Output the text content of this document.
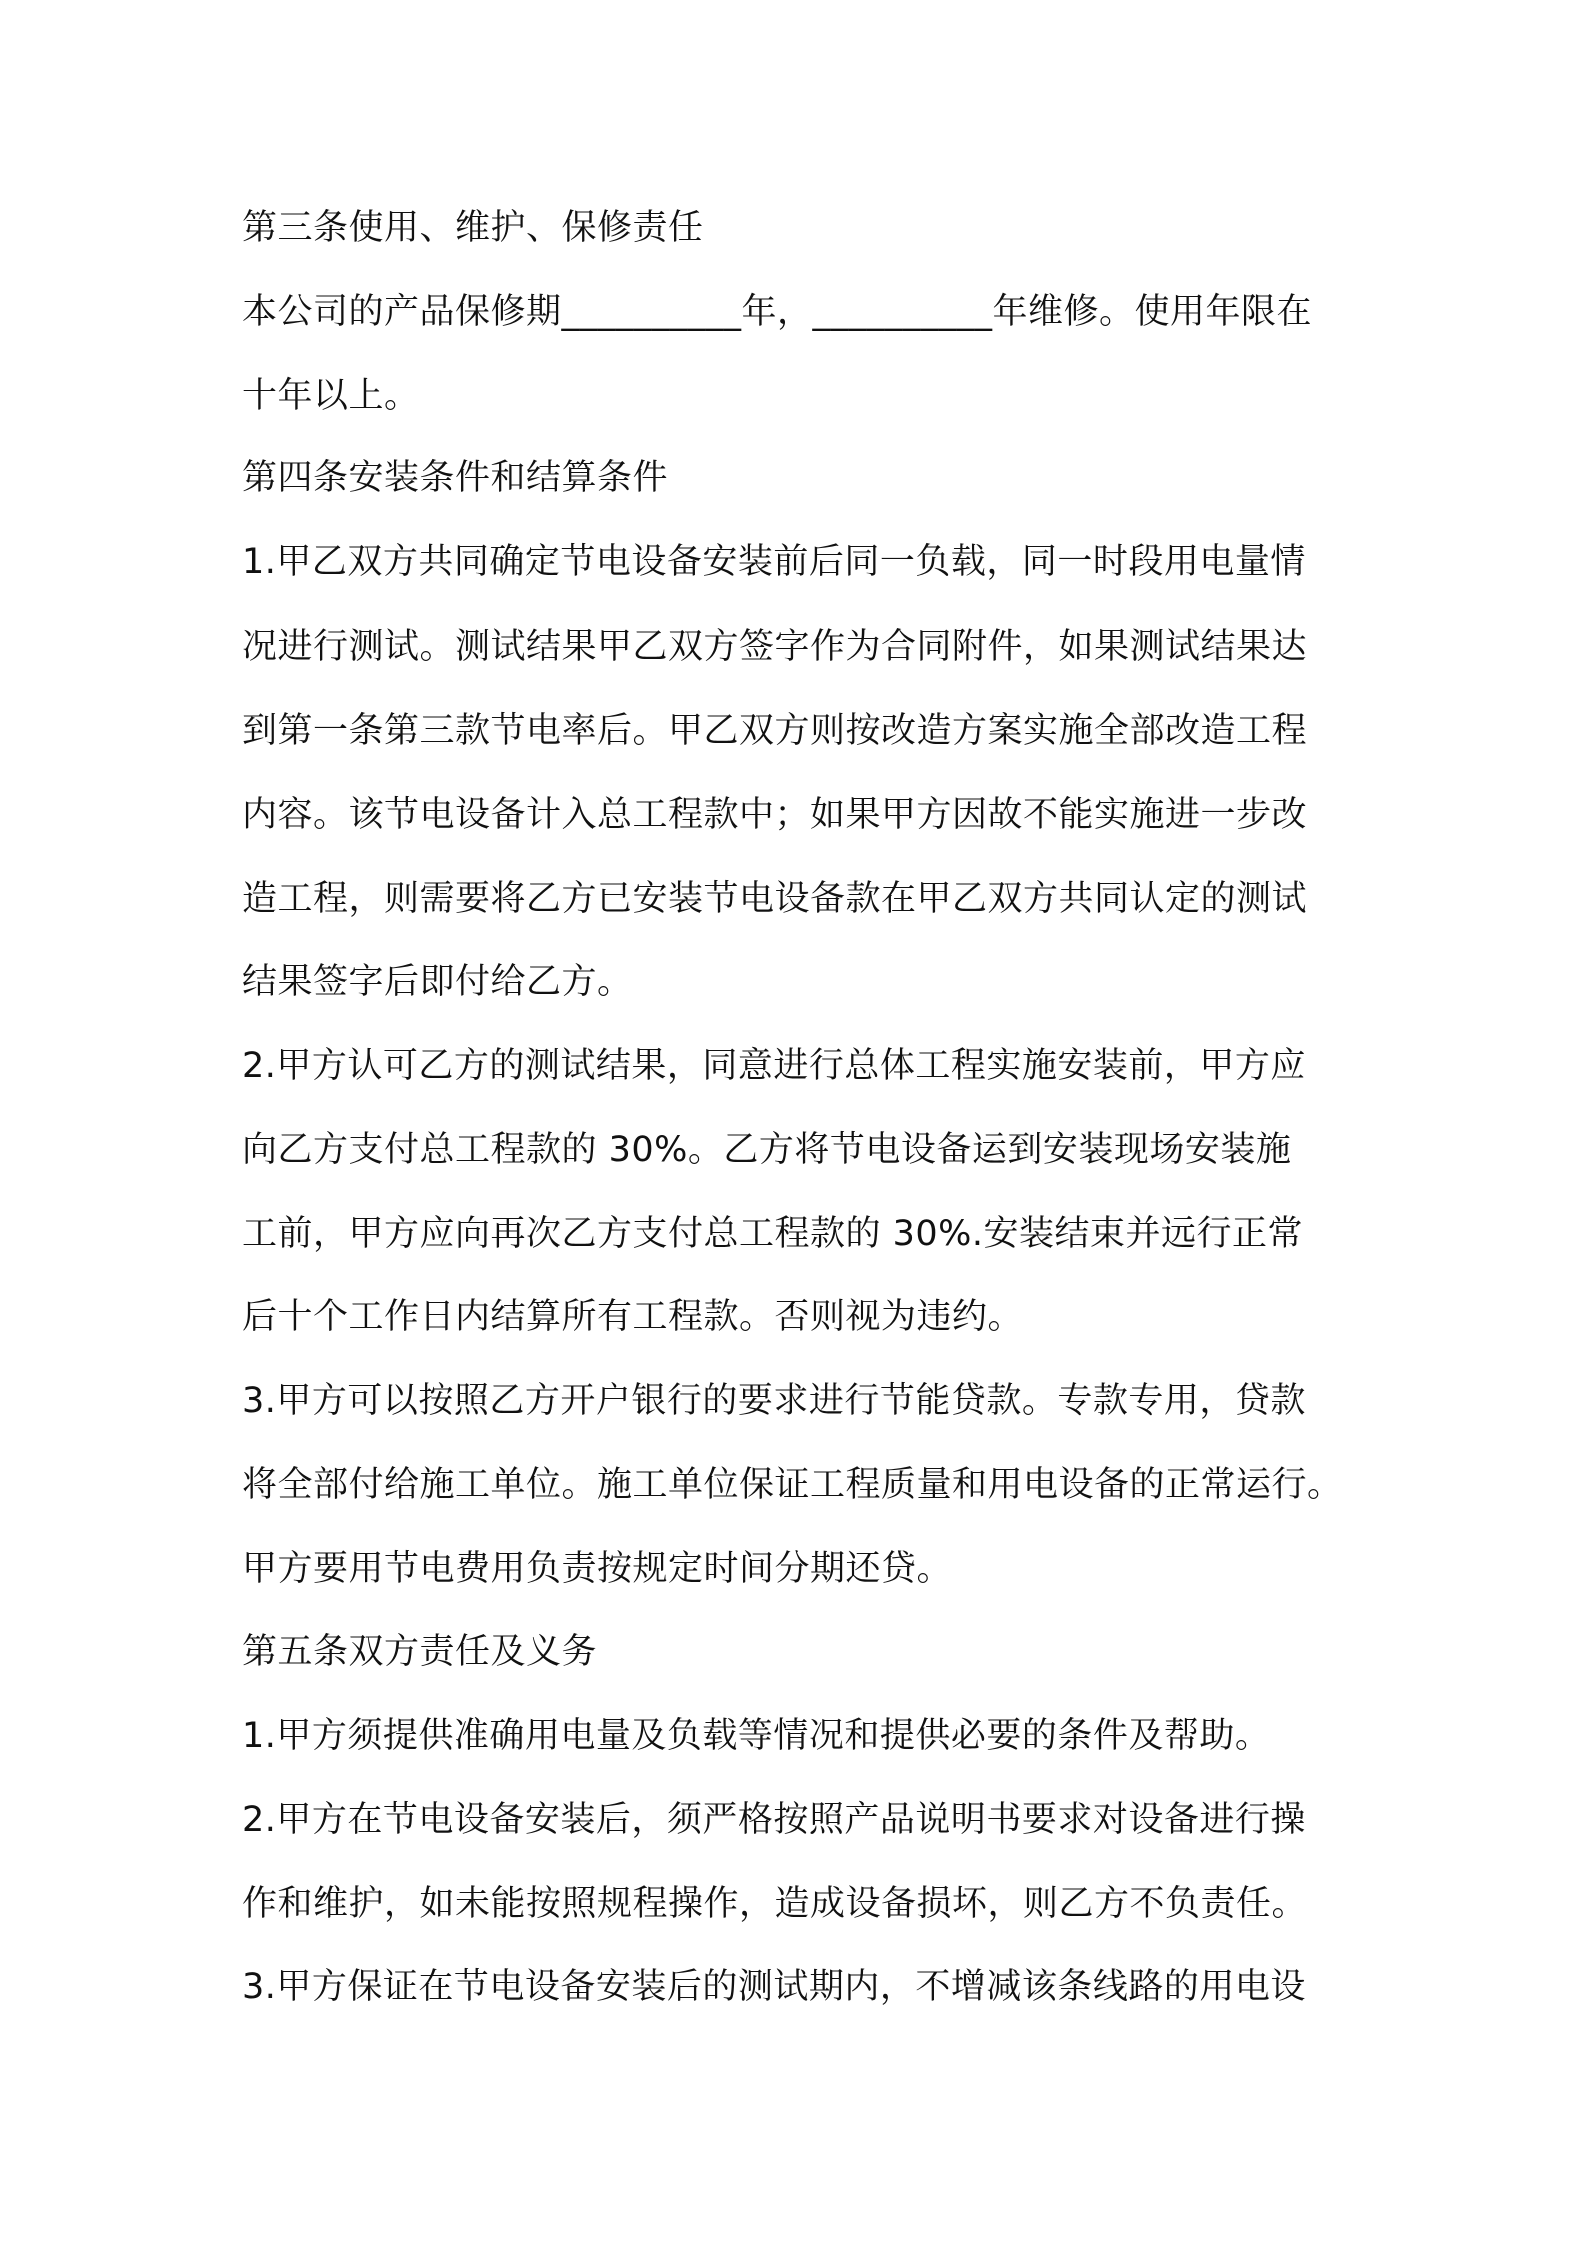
第三条使用、维护、保修责任

本公司的产品保修期__________年，__________年维修。使用年限在

十年以上。

第四条安装条件和结算条件

1.甲乙双方共同确定节电设备安装前后同一负载，同一时段用电量情

况进行测试。测试结果甲乙双方签字作为合同附件，如果测试结果达

到第一条第三款节电率后。甲乙双方则按改造方案实施全部改造工程

内容。该节电设备计入总工程款中；如果甲方因故不能实施进一步改

造工程，则需要将乙方已安装节电设备款在甲乙双方共同认定的测试

结果签字后即付给乙方。

2.甲方认可乙方的测试结果，同意进行总体工程实施安装前，甲方应

向乙方支付总工程款的 30%。乙方将节电设备运到安装现场安装施

工前，甲方应向再次乙方支付总工程款的 30%.安装结束并远行正常

后十个工作日内结算所有工程款。否则视为违约。

3.甲方可以按照乙方开户银行的要求进行节能贷款。专款专用，贷款

将全部付给施工单位。施工单位保证工程质量和用电设备的正常运行。

甲方要用节电费用负责按规定时间分期还贷。

第五条双方责任及义务

1.甲方须提供准确用电量及负载等情况和提供必要的条件及帮助。

2.甲方在节电设备安装后，须严格按照产品说明书要求对设备进行操

作和维护，如未能按照规程操作，造成设备损坏，则乙方不负责任。

3.甲方保证在节电设备安装后的测试期内，不增减该条线路的用电设
